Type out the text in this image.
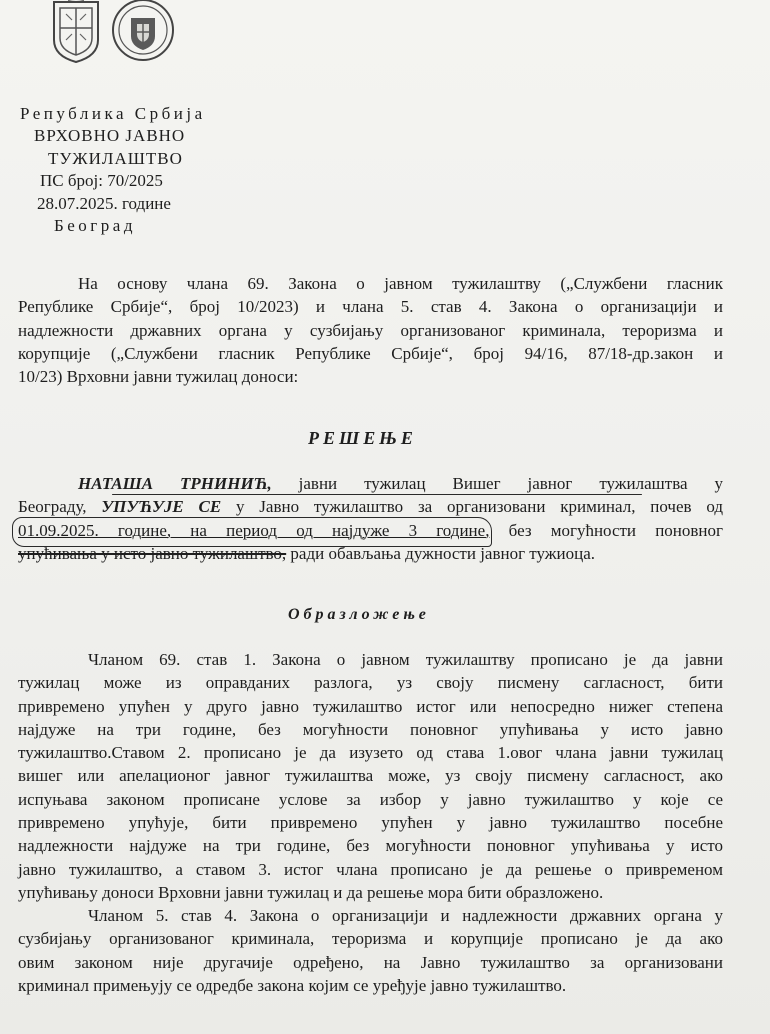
Република Србија
ВРХОВНО ЈАВНО
ТУЖИЛАШТВО
ПС број: 70/2025
28.07.2025. године
Београд
На основу члана 69. Закона о јавном тужилаштву („Службени гласник
Републике Србије“, број 10/2023) и члана 5. став 4. Закона о организацији и
надлежности државних органа у сузбијању организованог криминала, тероризма и
корупције („Службени гласник Републике Србије“, број 94/16, 87/18-др.закон и
10/23) Врховни јавни тужилац доноси:
РЕШЕЊЕ
НАТАША ТРНИНИЋ, јавни тужилац Вишег јавног тужилаштва у
Београду, УПУЋУЈЕ СЕ у Јавно тужилаштво за организовани криминал, почев од
01.09.2025. године, на период од најдуже 3 године, без могућности поновног
упућивања у исто јавно тужилаштво, ради обављања дужности јавног тужиоца.
Образложење
Чланом 69. став 1. Закона о јавном тужилаштву прописано је да јавни
тужилац може из оправданих разлога, уз своју писмену сагласност, бити
привремено упућен у друго јавно тужилаштво истог или непосредно нижег степена
најдуже на три године, без могућности поновног упућивања у исто јавно
тужилаштво.Ставом 2. прописано је да изузето од става 1.овог члана јавни тужилац
вишег или апелационог јавног тужилаштва може, уз своју писмену сагласност, ако
испуњава законом прописане услове за избор у јавно тужилаштво у које се
привремено упућује, бити привремено упућен у јавно тужилаштво посебне
надлежности најдуже на три године, без могућности поновног упућивања у исто
јавно тужилаштво, а ставом 3. истог члана прописано је да решење о привременом
упућивању доноси Врховни јавни тужилац и да решење мора бити образложено.
Чланом 5. став 4. Закона о организацији и надлежности државних органа у
сузбијању организованог криминала, тероризма и корупције прописано је да ако
овим законом није другачије одређено, на Јавно тужилаштво за организовани
криминал примењују се одредбе закона којим се уређује јавно тужилаштво.
